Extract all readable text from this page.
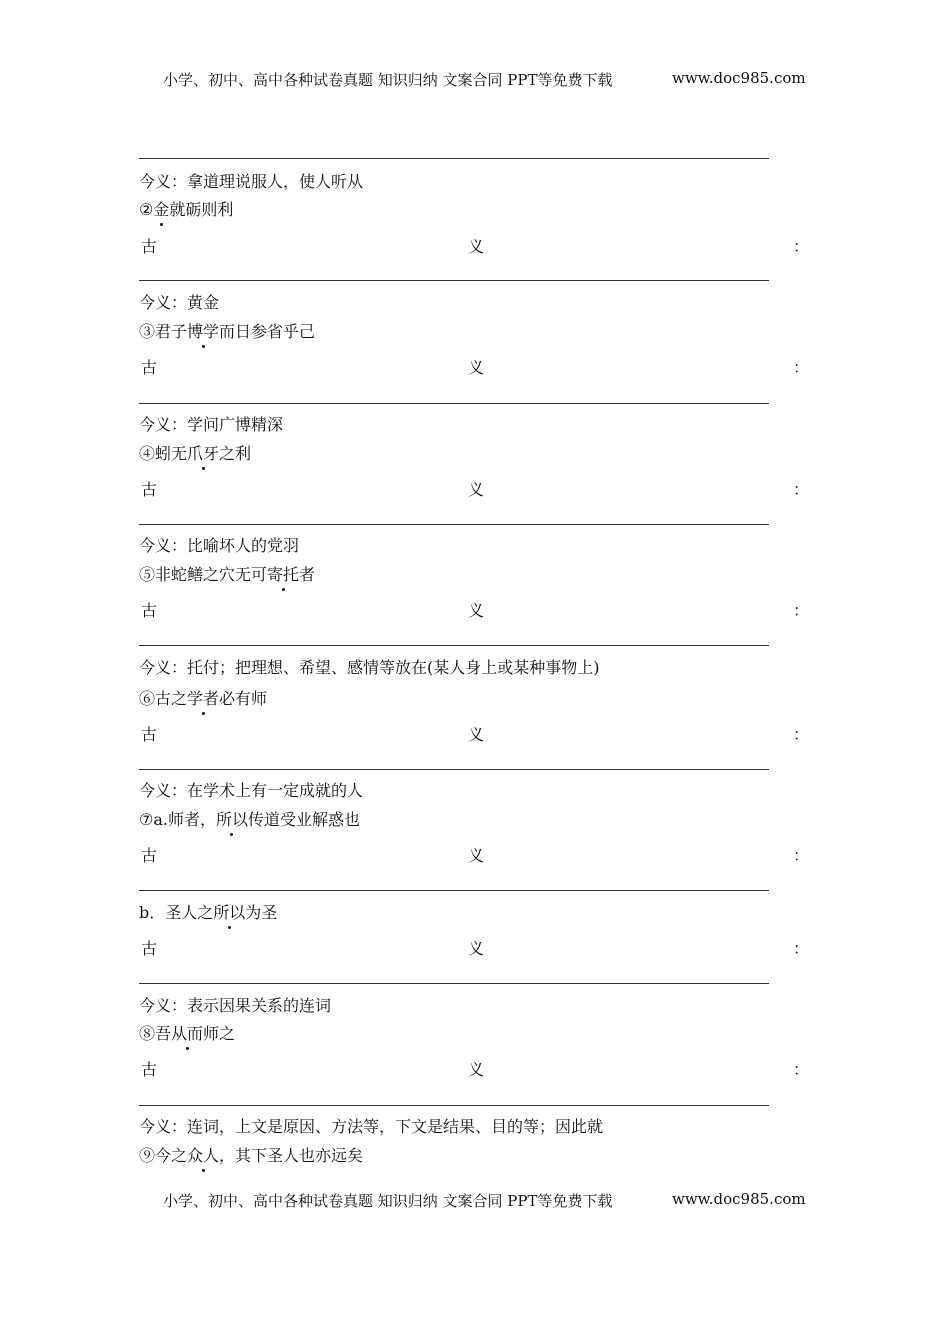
小学、初中、高中各种试卷真题 知识归纳 文案合同 PPT等免费下载	www.doc985.com
今义：拿道理说服人，使人听从
②金就砺则利
古	义	：
今义：黄金
③君子博学而日参省乎己
古	义	：
今义：学问广博精深
④蚓无爪牙之利
古	义	：
今义：比喻坏人的党羽
⑤非蛇鳝之穴无可寄托者
古	义	：
今义：托付；把理想、希望、感情等放在(某人身上或某种事物上)
⑥古之学者必有师
古	义	：
今义：在学术上有一定成就的人
⑦a.师者，所以传道受业解惑也
古	义	：
b．圣人之所以为圣
古	义	：
今义：表示因果关系的连词
⑧吾从而师之
古	义	：
今义：连词，上文是原因、方法等，下文是结果、目的等；因此就
⑨今之众人，其下圣人也亦远矣
小学、初中、高中各种试卷真题 知识归纳 文案合同 PPT等免费下载	www.doc985.com
